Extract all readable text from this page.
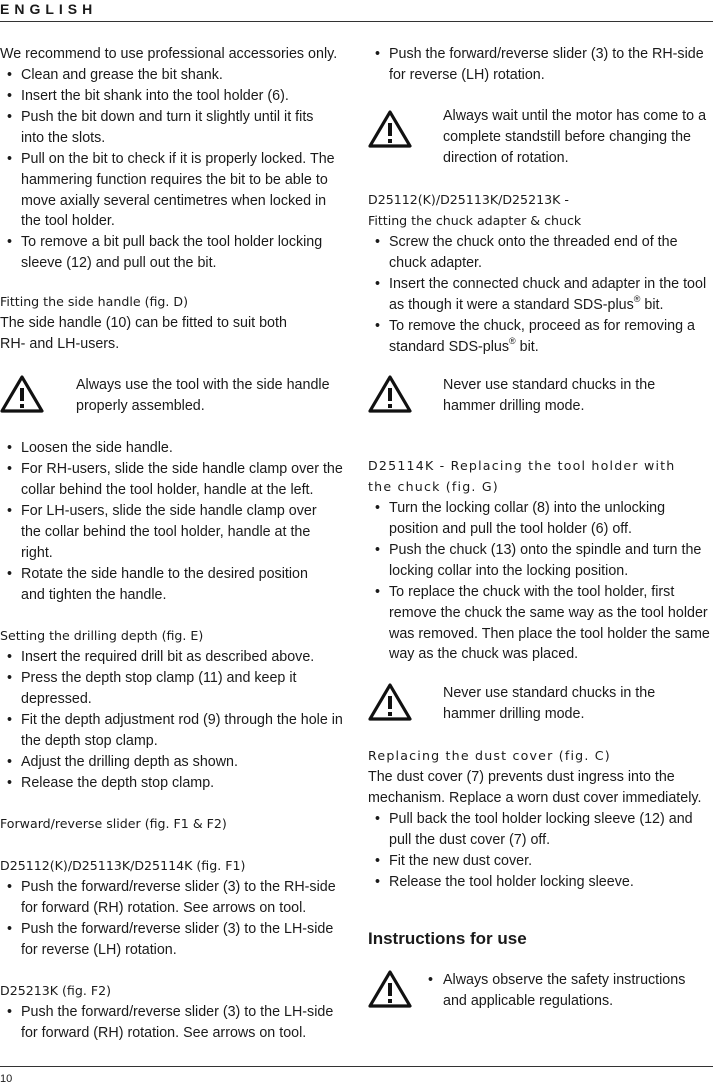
ENGLISH
We recommend to use professional accessories only.
• Clean and grease the bit shank.
• Insert the bit shank into the tool holder (6).
• Push the bit down and turn it slightly until it fits into the slots.
• Pull on the bit to check if it is properly locked. The hammering function requires the bit to be able to move axially several centimetres when locked in the tool holder.
• To remove a bit pull back the tool holder locking sleeve (12) and pull out the bit.
Fitting the side handle (fig. D)
The side handle (10) can be fitted to suit both RH- and LH-users.
Always use the tool with the side handle properly assembled.
• Loosen the side handle.
• For RH-users, slide the side handle clamp over the collar behind the tool holder, handle at the left.
• For LH-users, slide the side handle clamp over the collar behind the tool holder, handle at the right.
• Rotate the side handle to the desired position and tighten the handle.
Setting the drilling depth (fig. E)
• Insert the required drill bit as described above.
• Press the depth stop clamp (11) and keep it depressed.
• Fit the depth adjustment rod (9) through the hole in the depth stop clamp.
• Adjust the drilling depth as shown.
• Release the depth stop clamp.
Forward/reverse slider (fig. F1 & F2)
D25112(K)/D25113K/D25114K (fig. F1)
• Push the forward/reverse slider (3) to the RH-side for forward (RH) rotation. See arrows on tool.
• Push the forward/reverse slider (3) to the LH-side for reverse (LH) rotation.
D25213K (fig. F2)
• Push the forward/reverse slider (3) to the LH-side for forward (RH) rotation. See arrows on tool.
• Push the forward/reverse slider (3) to the RH-side for reverse (LH) rotation.
Always wait until the motor has come to a complete standstill before changing the direction of rotation.
D25112(K)/D25113K/D25213K -
Fitting the chuck adapter & chuck
• Screw the chuck onto the threaded end of the chuck adapter.
• Insert the connected chuck and adapter in the tool as though it were a standard SDS-plus® bit.
• To remove the chuck, proceed as for removing a standard SDS-plus® bit.
Never use standard chucks in the hammer drilling mode.
D25114K - Replacing the tool holder with
the chuck (fig. G)
• Turn the locking collar (8) into the unlocking position and pull the tool holder (6) off.
• Push the chuck (13) onto the spindle and turn the locking collar into the locking position.
• To replace the chuck with the tool holder, first remove the chuck the same way as the tool holder was removed. Then place the tool holder the same way as the chuck was placed.
Never use standard chucks in the hammer drilling mode.
Replacing the dust cover (fig. C)
The dust cover (7) prevents dust ingress into the mechanism. Replace a worn dust cover immediately.
• Pull back the tool holder locking sleeve (12) and pull the dust cover (7) off.
• Fit the new dust cover.
• Release the tool holder locking sleeve.
Instructions for use
• Always observe the safety instructions and applicable regulations.
10
